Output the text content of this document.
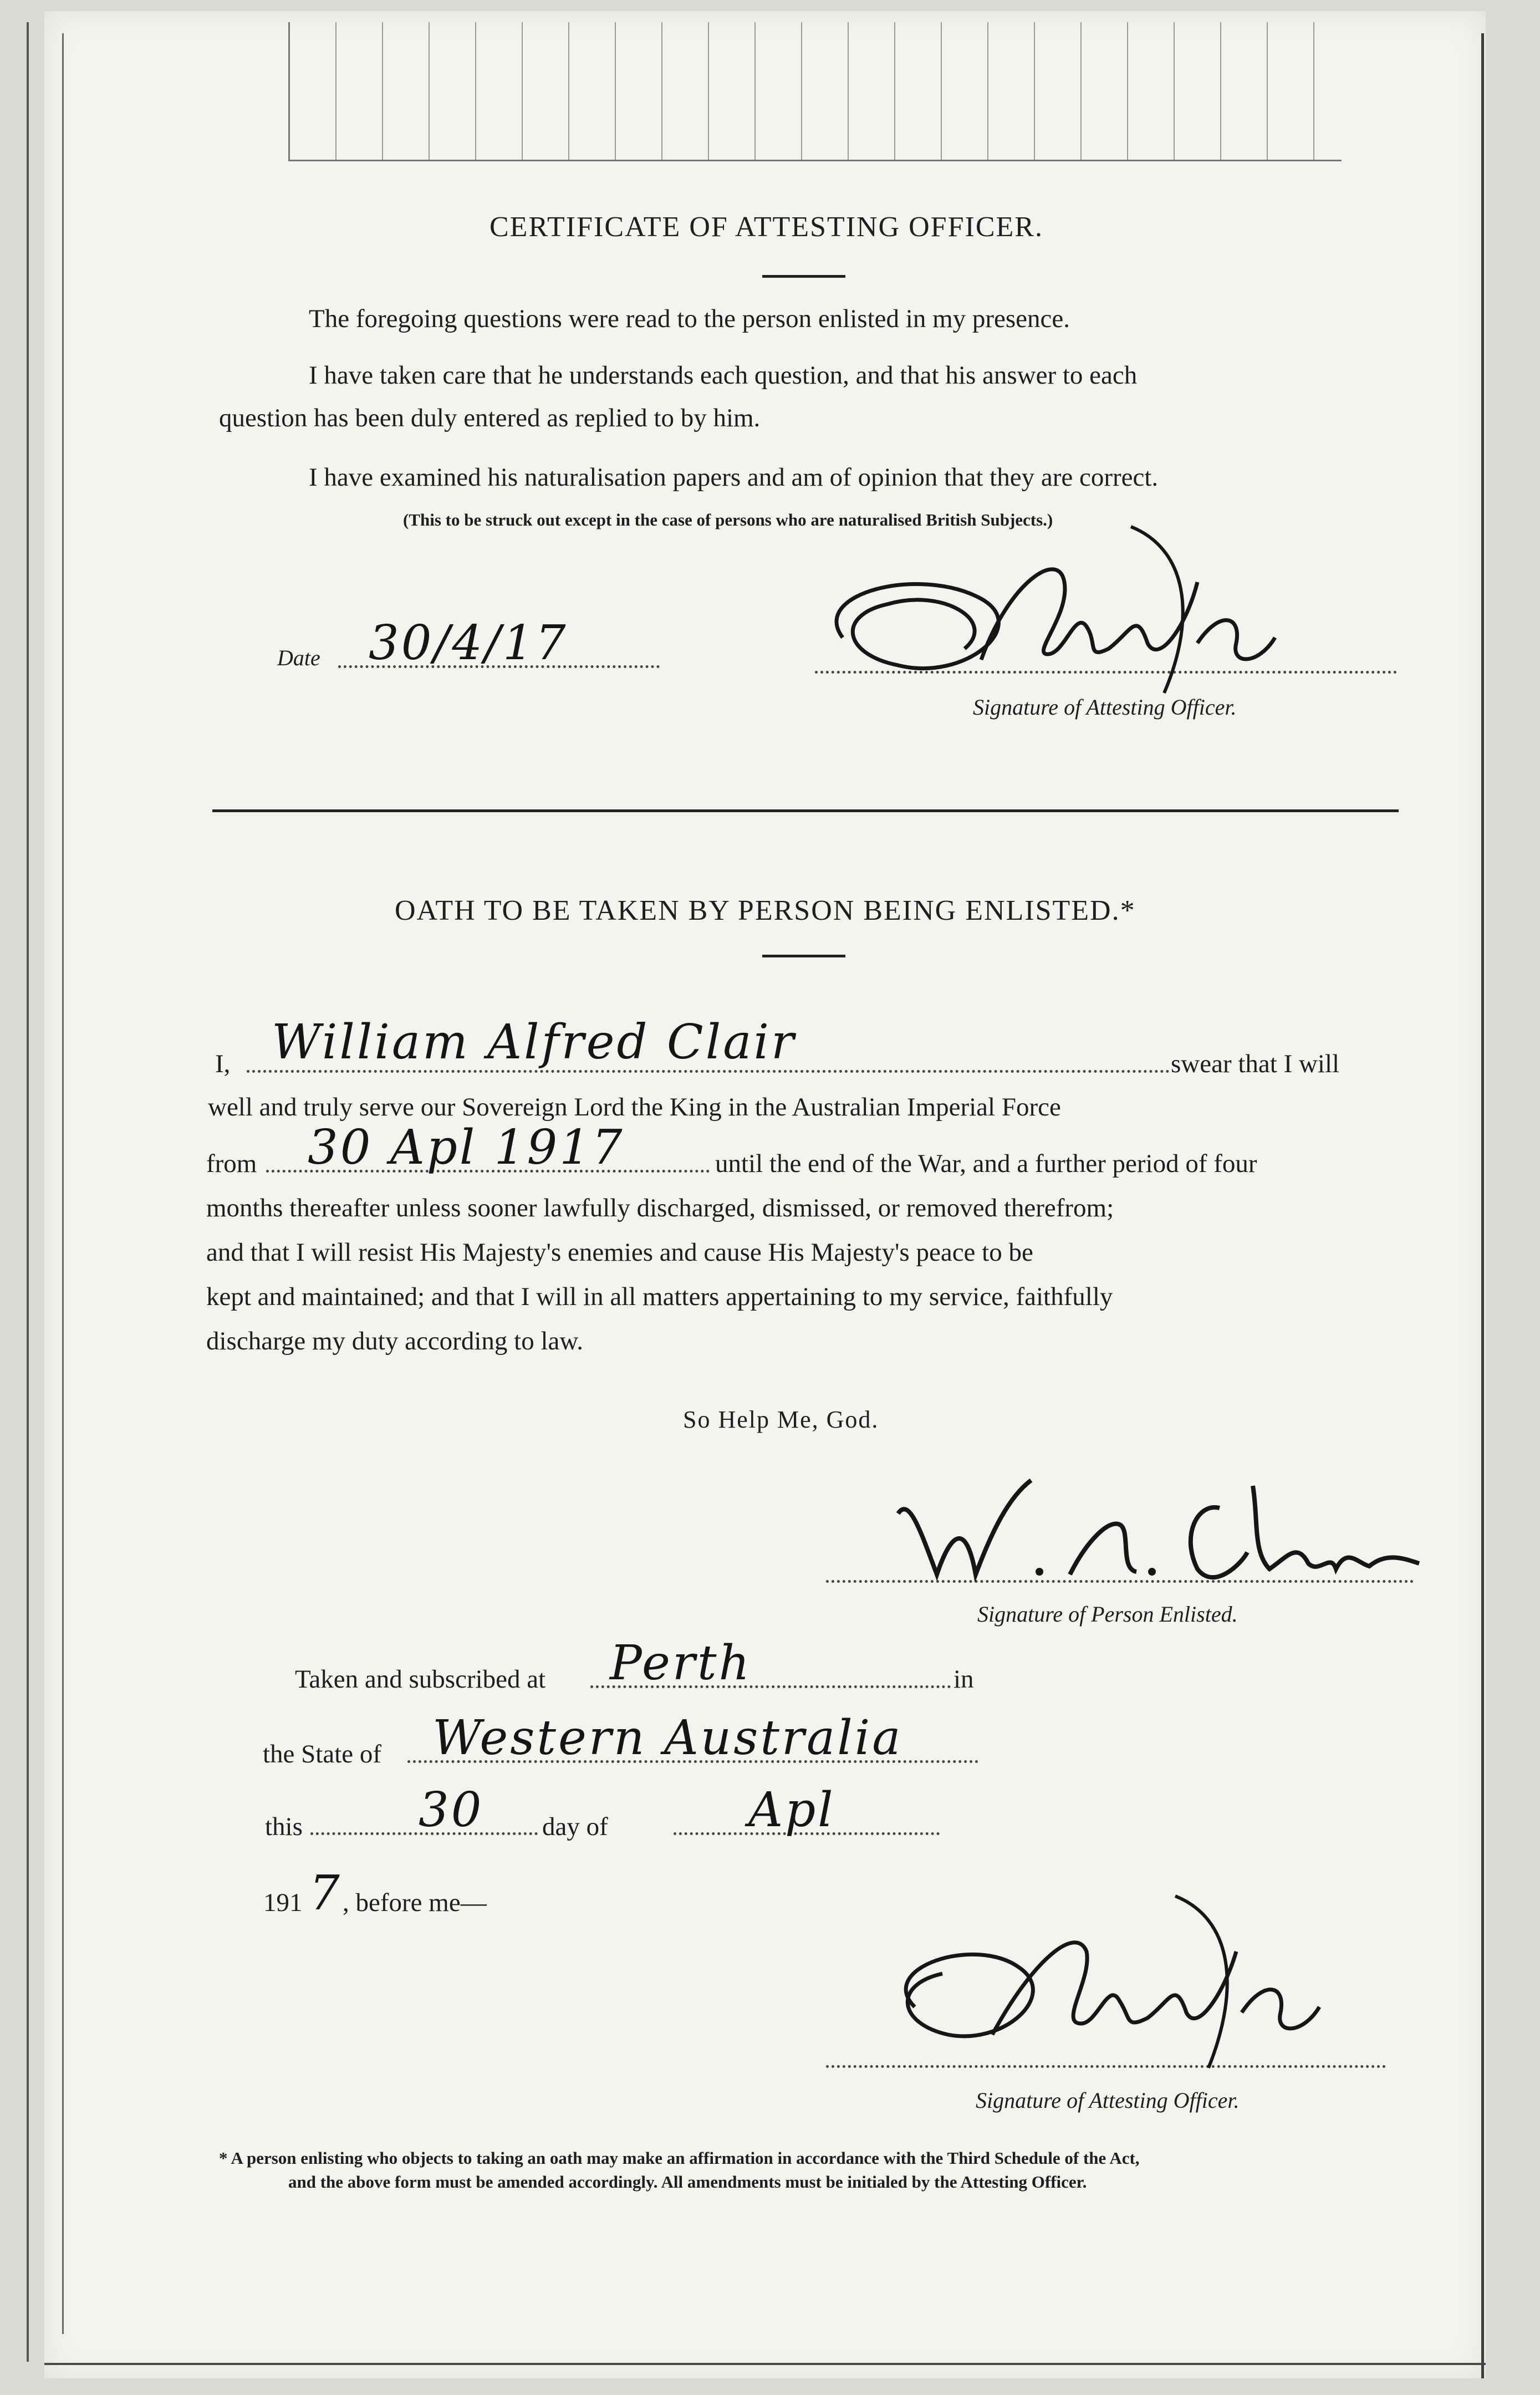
CERTIFICATE OF ATTESTING OFFICER.
The foregoing questions were read to the person enlisted in my presence.
I have taken care that he understands each question, and that his answer to each
question has been duly entered as replied to by him.
I have examined his naturalisation papers and am of opinion that they are correct.
(This to be struck out except in the case of persons who are naturalised British Subjects.)
Date 30/4/17
Signature of Attesting Officer.
OATH TO BE TAKEN BY PERSON BEING ENLISTED.*
I, William Alfred Clair	swear that I will
well and truly serve our Sovereign Lord the King in the Australian Imperial Force
from 30 Apl 1917	until the end of the War, and a further period of four
months thereafter unless sooner lawfully discharged, dismissed, or removed therefrom;
and that I will resist His Majesty's enemies and cause His Majesty's peace to be
kept and maintained; and that I will in all matters appertaining to my service, faithfully
discharge my duty according to law.
So Help Me, God.
Signature of Person Enlisted.
Taken and subscribed at Perth	in
the State of Western Australia
this 30 day of	Apl
191 7 , before me—
Signature of Attesting Officer.
* A person enlisting who objects to taking an oath may make an affirmation in accordance with the Third Schedule of the Act,
and the above form must be amended accordingly. All amendments must be initialed by the Attesting Officer.
